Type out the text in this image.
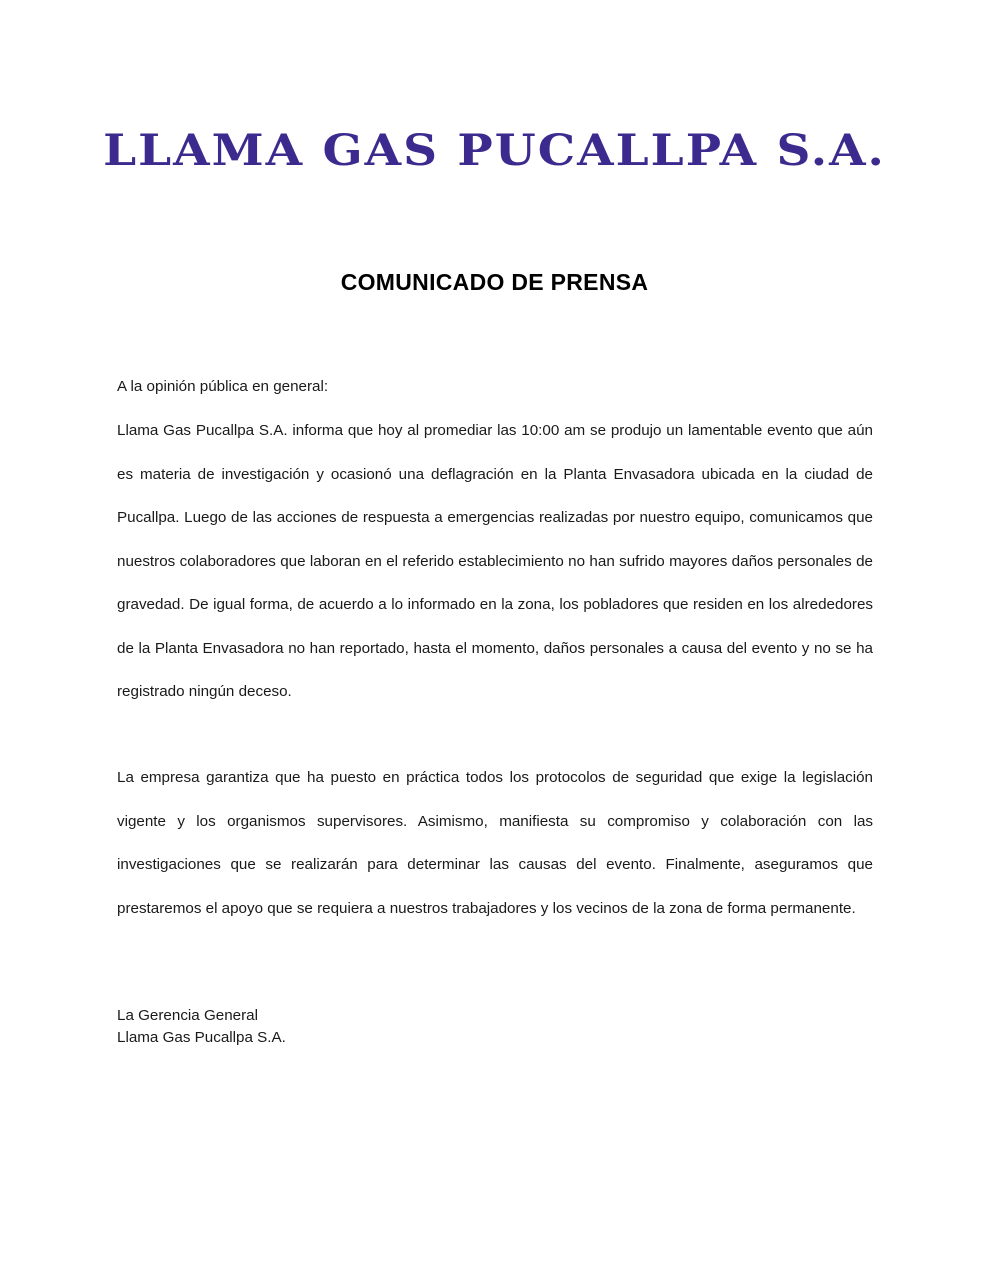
LLAMA GAS PUCALLPA S.A.
COMUNICADO DE PRENSA
A la opinión pública en general:
Llama Gas Pucallpa S.A. informa que hoy al promediar las 10:00 am se produjo un lamentable evento que aún es materia de investigación y ocasionó una deflagración en la Planta Envasadora ubicada en la ciudad de Pucallpa. Luego de las acciones de respuesta a emergencias realizadas por nuestro equipo, comunicamos que nuestros colaboradores que laboran en el referido establecimiento no han sufrido mayores daños personales de gravedad. De igual forma, de acuerdo a lo informado en la zona, los pobladores que residen en los alrededores de la Planta Envasadora no han reportado, hasta el momento, daños personales a causa del evento y no se ha registrado ningún deceso.
La empresa garantiza que ha puesto en práctica todos los protocolos de seguridad que exige la legislación vigente y los organismos supervisores. Asimismo, manifiesta su compromiso y colaboración con las investigaciones que se realizarán para determinar las causas del evento. Finalmente, aseguramos que prestaremos el apoyo que se requiera a nuestros trabajadores y los vecinos de la zona de forma permanente.
La Gerencia General
Llama Gas Pucallpa S.A.
